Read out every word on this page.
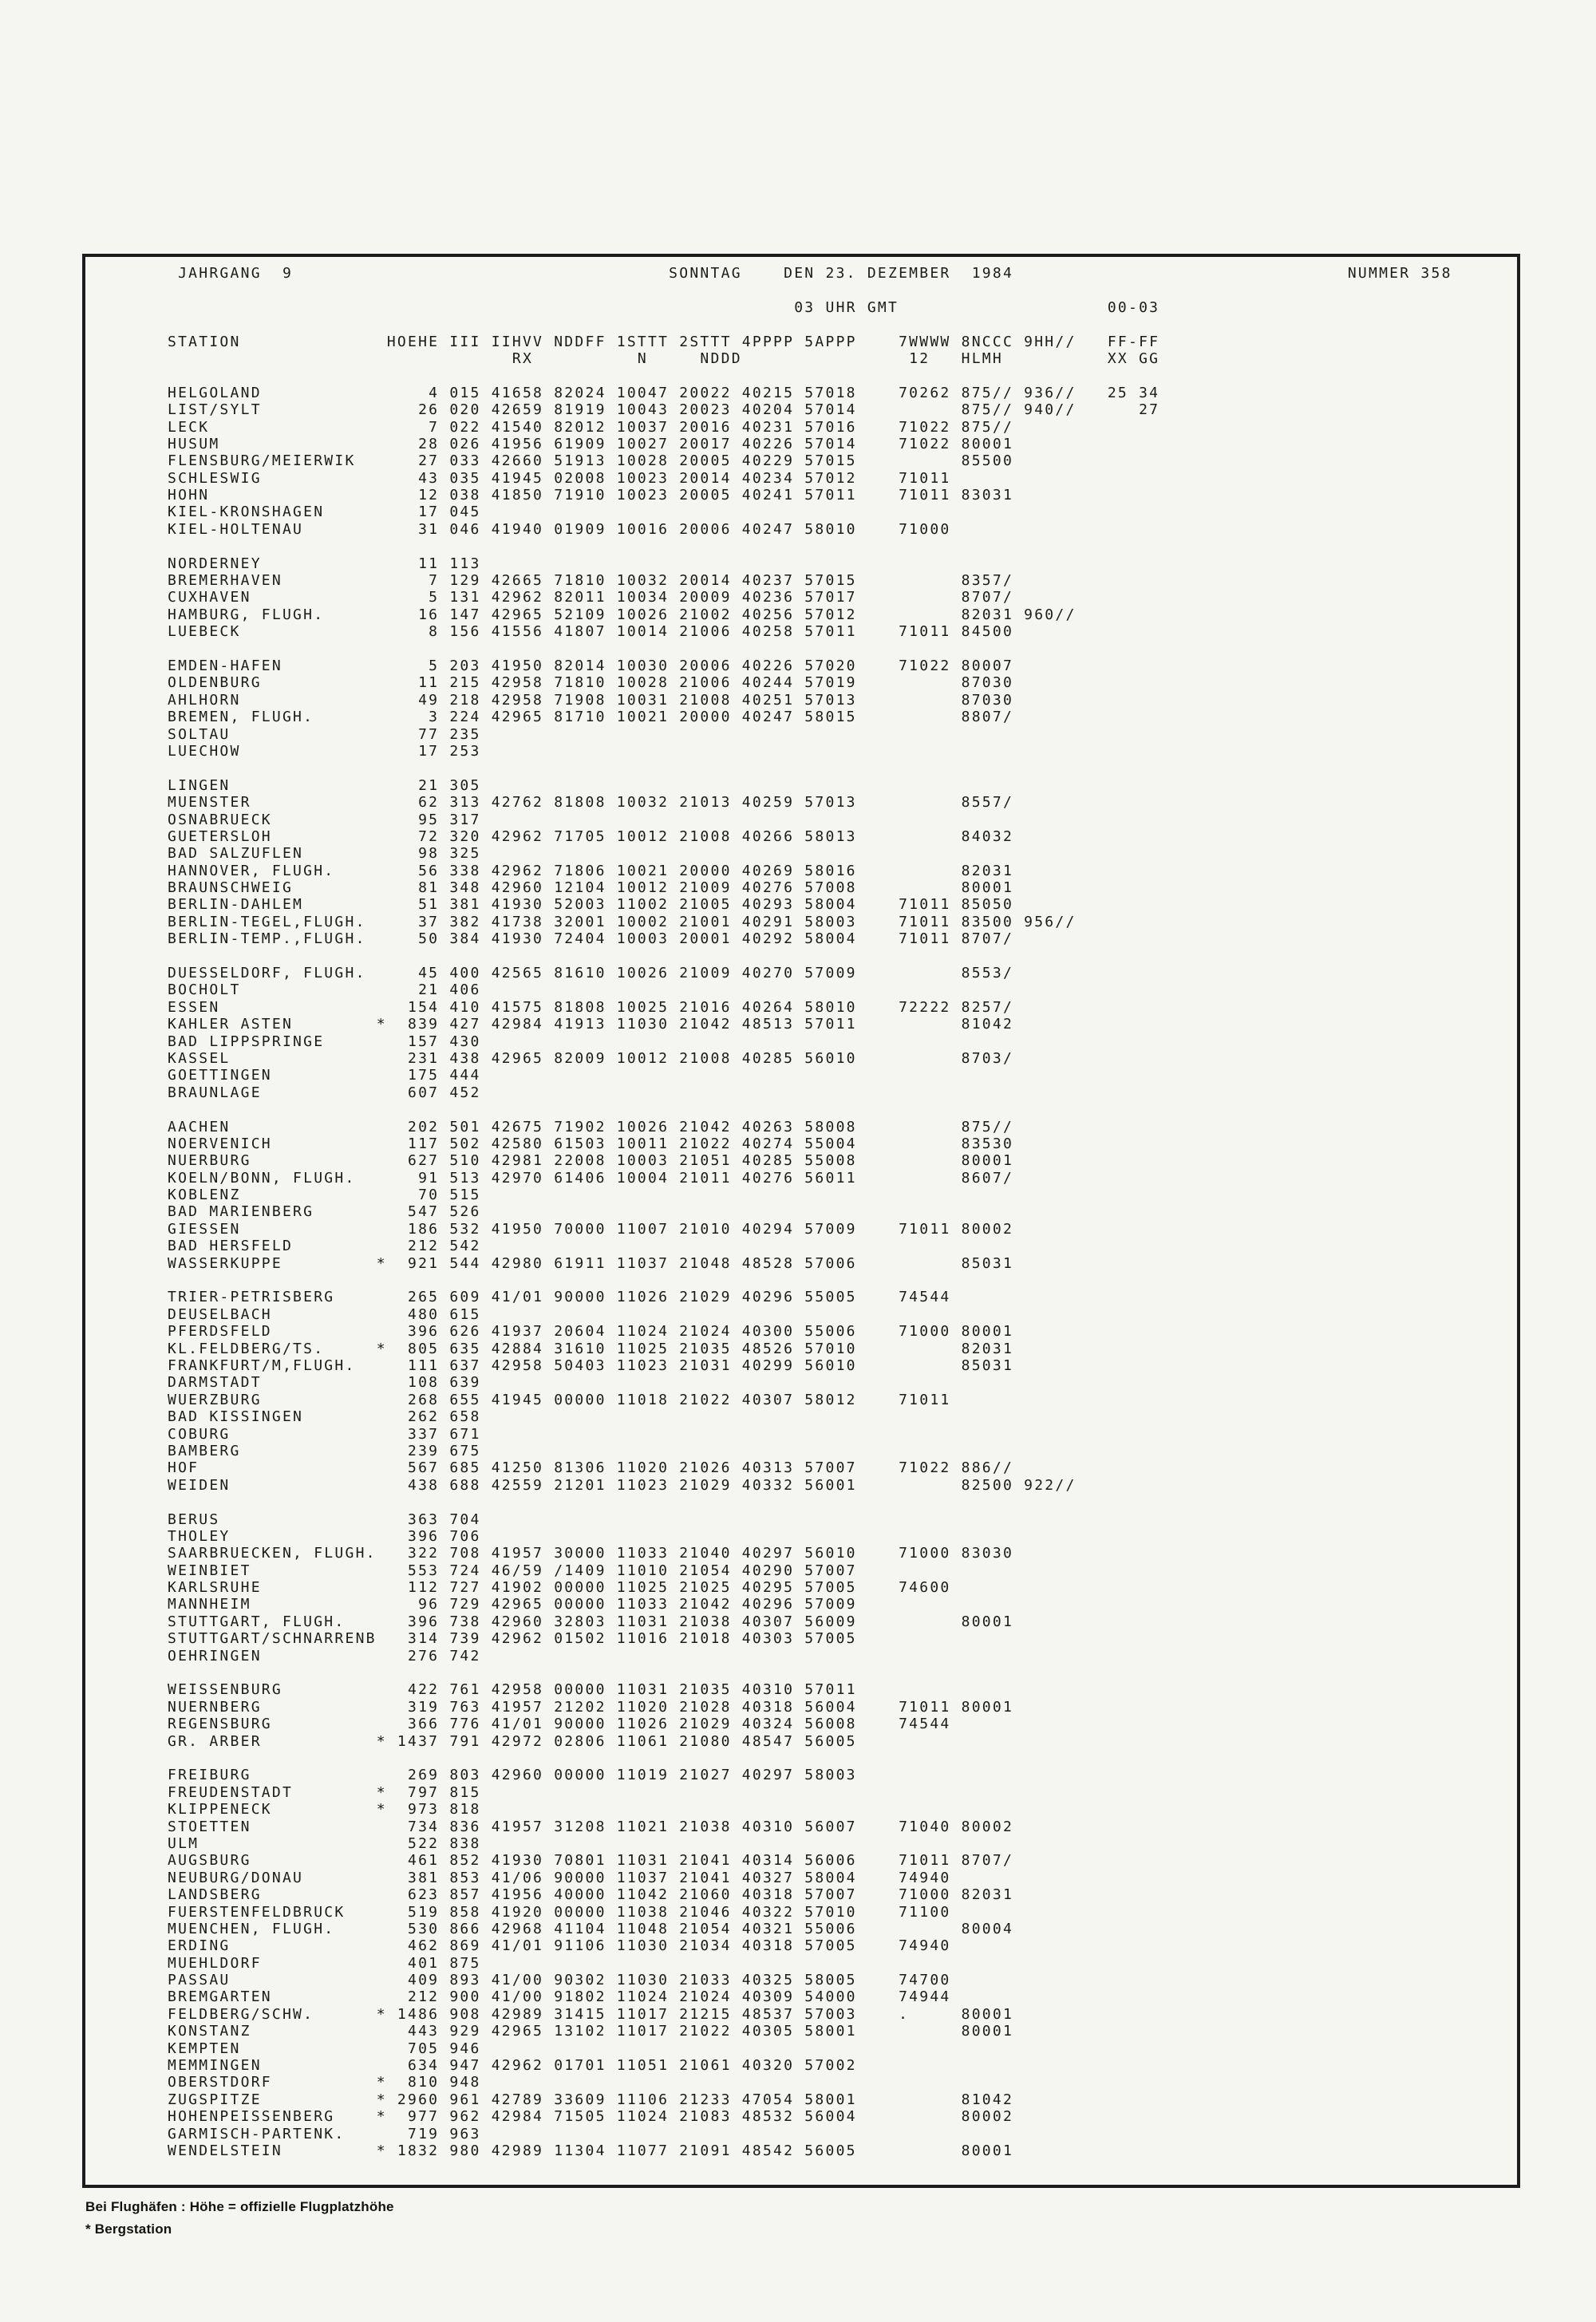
JAHRGANG  9                                    SONNTAG    DEN 23. DEZEMBER  1984                                NUMMER 358
03 UHR GMT                    00-03
STATION              HOEHE III IIHVV NDDFF 1STTT 2STTT 4PPPP 5APPP    7WWWW 8NCCC 9HH//   FF-FF
RX          N     NDDD                12   HLMH          XX GG
HELGOLAND                4 015 41658 82024 10047 20022 40215 57018    70262 875// 936//   25 34
LIST/SYLT               26 020 42659 81919 10043 20023 40204 57014          875// 940//      27
LECK                     7 022 41540 82012 10037 20016 40231 57016    71022 875//
HUSUM                   28 026 41956 61909 10027 20017 40226 57014    71022 80001
FLENSBURG/MEIERWIK      27 033 42660 51913 10028 20005 40229 57015          85500
SCHLESWIG               43 035 41945 02008 10023 20014 40234 57012    71011
HOHN                    12 038 41850 71910 10023 20005 40241 57011    71011 83031
KIEL-KRONSHAGEN         17 045
KIEL-HOLTENAU           31 046 41940 01909 10016 20006 40247 58010    71000
NORDERNEY               11 113
BREMERHAVEN              7 129 42665 71810 10032 20014 40237 57015          8357/
CUXHAVEN                 5 131 42962 82011 10034 20009 40236 57017          8707/
HAMBURG, FLUGH.         16 147 42965 52109 10026 21002 40256 57012          82031 960//
LUEBECK                  8 156 41556 41807 10014 21006 40258 57011    71011 84500
EMDEN-HAFEN              5 203 41950 82014 10030 20006 40226 57020    71022 80007
OLDENBURG               11 215 42958 71810 10028 21006 40244 57019          87030
AHLHORN                 49 218 42958 71908 10031 21008 40251 57013          87030
BREMEN, FLUGH.           3 224 42965 81710 10021 20000 40247 58015          8807/
SOLTAU                  77 235
LUECHOW                 17 253
LINGEN                  21 305
MUENSTER                62 313 42762 81808 10032 21013 40259 57013          8557/
OSNABRUECK              95 317
GUETERSLOH              72 320 42962 71705 10012 21008 40266 58013          84032
BAD SALZUFLEN           98 325
HANNOVER, FLUGH.        56 338 42962 71806 10021 20000 40269 58016          82031
BRAUNSCHWEIG            81 348 42960 12104 10012 21009 40276 57008          80001
BERLIN-DAHLEM           51 381 41930 52003 11002 21005 40293 58004    71011 85050
BERLIN-TEGEL,FLUGH.     37 382 41738 32001 10002 21001 40291 58003    71011 83500 956//
BERLIN-TEMP.,FLUGH.     50 384 41930 72404 10003 20001 40292 58004    71011 8707/
DUESSELDORF, FLUGH.     45 400 42565 81610 10026 21009 40270 57009          8553/
BOCHOLT                 21 406
ESSEN                  154 410 41575 81808 10025 21016 40264 58010    72222 8257/
KAHLER ASTEN        *  839 427 42984 41913 11030 21042 48513 57011          81042
BAD LIPPSPRINGE        157 430
KASSEL                 231 438 42965 82009 10012 21008 40285 56010          8703/
GOETTINGEN             175 444
BRAUNLAGE              607 452
AACHEN                 202 501 42675 71902 10026 21042 40263 58008          875//
NOERVENICH             117 502 42580 61503 10011 21022 40274 55004          83530
NUERBURG               627 510 42981 22008 10003 21051 40285 55008          80001
KOELN/BONN, FLUGH.      91 513 42970 61406 10004 21011 40276 56011          8607/
KOBLENZ                 70 515
BAD MARIENBERG         547 526
GIESSEN                186 532 41950 70000 11007 21010 40294 57009    71011 80002
BAD HERSFELD           212 542
WASSERKUPPE         *  921 544 42980 61911 11037 21048 48528 57006          85031
TRIER-PETRISBERG       265 609 41/01 90000 11026 21029 40296 55005    74544
DEUSELBACH             480 615
PFERDSFELD             396 626 41937 20604 11024 21024 40300 55006    71000 80001
KL.FELDBERG/TS.     *  805 635 42884 31610 11025 21035 48526 57010          82031
FRANKFURT/M,FLUGH.     111 637 42958 50403 11023 21031 40299 56010          85031
DARMSTADT              108 639
WUERZBURG              268 655 41945 00000 11018 21022 40307 58012    71011
BAD KISSINGEN          262 658
COBURG                 337 671
BAMBERG                239 675
HOF                    567 685 41250 81306 11020 21026 40313 57007    71022 886//
WEIDEN                 438 688 42559 21201 11023 21029 40332 56001          82500 922//
BERUS                  363 704
THOLEY                 396 706
SAARBRUECKEN, FLUGH.   322 708 41957 30000 11033 21040 40297 56010    71000 83030
WEINBIET               553 724 46/59 /1409 11010 21054 40290 57007
KARLSRUHE              112 727 41902 00000 11025 21025 40295 57005    74600
MANNHEIM                96 729 42965 00000 11033 21042 40296 57009
STUTTGART, FLUGH.      396 738 42960 32803 11031 21038 40307 56009          80001
STUTTGART/SCHNARRENB   314 739 42962 01502 11016 21018 40303 57005
OEHRINGEN              276 742
WEISSENBURG            422 761 42958 00000 11031 21035 40310 57011
NUERNBERG              319 763 41957 21202 11020 21028 40318 56004    71011 80001
REGENSBURG             366 776 41/01 90000 11026 21029 40324 56008    74544
GR. ARBER           * 1437 791 42972 02806 11061 21080 48547 56005
FREIBURG               269 803 42960 00000 11019 21027 40297 58003
FREUDENSTADT        *  797 815
KLIPPENECK          *  973 818
STOETTEN               734 836 41957 31208 11021 21038 40310 56007    71040 80002
ULM                    522 838
AUGSBURG               461 852 41930 70801 11031 21041 40314 56006    71011 8707/
NEUBURG/DONAU          381 853 41/06 90000 11037 21041 40327 58004    74940
LANDSBERG              623 857 41956 40000 11042 21060 40318 57007    71000 82031
FUERSTENFELDBRUCK      519 858 41920 00000 11038 21046 40322 57010    71100
MUENCHEN, FLUGH.       530 866 42968 41104 11048 21054 40321 55006          80004
ERDING                 462 869 41/01 91106 11030 21034 40318 57005    74940
MUEHLDORF              401 875
PASSAU                 409 893 41/00 90302 11030 21033 40325 58005    74700
BREMGARTEN             212 900 41/00 91802 11024 21024 40309 54000    74944
FELDBERG/SCHW.      * 1486 908 42989 31415 11017 21215 48537 57003    .     80001
KONSTANZ               443 929 42965 13102 11017 21022 40305 58001          80001
KEMPTEN                705 946
MEMMINGEN              634 947 42962 01701 11051 21061 40320 57002
OBERSTDORF          *  810 948
ZUGSPITZE           * 2960 961 42789 33609 11106 21233 47054 58001          81042
HOHENPEISSENBERG    *  977 962 42984 71505 11024 21083 48532 56004          80002
GARMISCH-PARTENK.      719 963
WENDELSTEIN         * 1832 980 42989 11304 11077 21091 48542 56005          80001
Bei Flughäfen : Höhe = offizielle Flugplatzhöhe
* Bergstation
